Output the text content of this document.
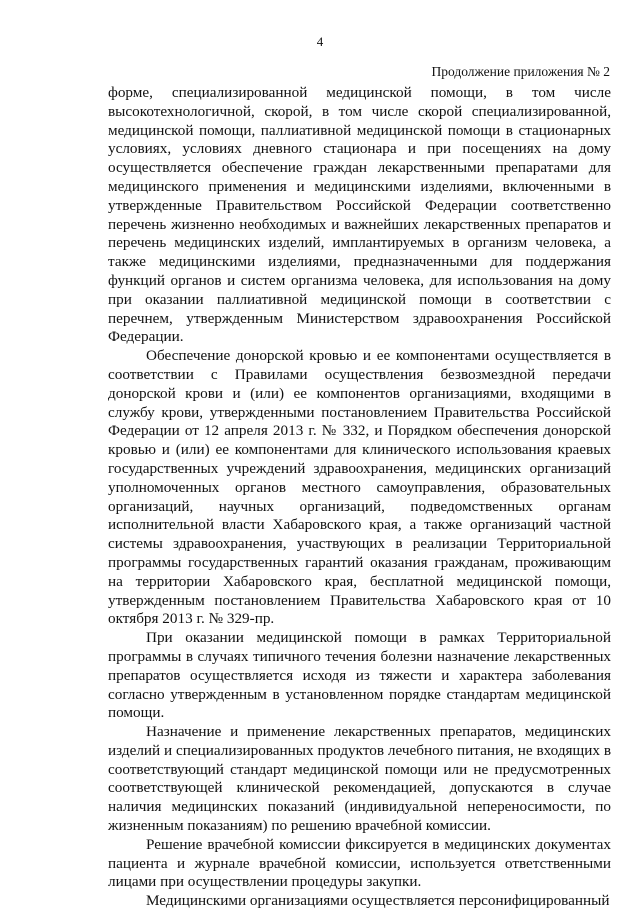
4
Продолжение приложения № 2

форме, специализированной медицинской помощи, в том числе высокотехнологичной, скорой, в том числе скорой специализированной, медицинской помощи, паллиативной медицинской помощи в стационарных условиях, условиях дневного стационара и при посещениях на дому осуществляется обеспечение граждан лекарственными препаратами для медицинского применения и медицинскими изделиями, включенными в утвержденные Правительством Российской Федерации соответственно перечень жизненно необходимых и важнейших лекарственных препаратов и перечень медицинских изделий, имплантируемых в организм человека, а также медицинскими изделиями, предназначенными для поддержания функций органов и систем организма человека, для использования на дому при оказании паллиативной медицинской помощи в соответствии с перечнем, утвержденным Министерством здравоохранения Российской Федерации.

Обеспечение донорской кровью и ее компонентами осуществляется в соответствии с Правилами осуществления безвозмездной передачи донорской крови и (или) ее компонентов организациями, входящими в службу крови, утвержденными постановлением Правительства Российской Федерации от 12 апреля 2013 г. № 332, и Порядком обеспечения донорской кровью и (или) ее компонентами для клинического использования краевых государственных учреждений здравоохранения, медицинских организаций уполномоченных органов местного самоуправления, образовательных организаций, научных организаций, подведомственных органам исполнительной власти Хабаровского края, а также организаций частной системы здравоохранения, участвующих в реализации Территориальной программы государственных гарантий оказания гражданам, проживающим на территории Хабаровского края, бесплатной медицинской помощи, утвержденным постановлением Правительства Хабаровского края от 10 октября 2013 г. № 329-пр.

При оказании медицинской помощи в рамках Территориальной программы в случаях типичного течения болезни назначение лекарственных препаратов осуществляется исходя из тяжести и характера заболевания согласно утвержденным в установленном порядке стандартам медицинской помощи.

Назначение и применение лекарственных препаратов, медицинских изделий и специализированных продуктов лечебного питания, не входящих в соответствующий стандарт медицинской помощи или не предусмотренных соответствующей клинической рекомендацией, допускаются в случае наличия медицинских показаний (индивидуальной непереносимости, по жизненным показаниям) по решению врачебной комиссии.

Решение врачебной комиссии фиксируется в медицинских документах пациента и журнале врачебной комиссии, используется ответственными лицами при осуществлении процедуры закупки.

Медицинскими организациями осуществляется персонифицированный
